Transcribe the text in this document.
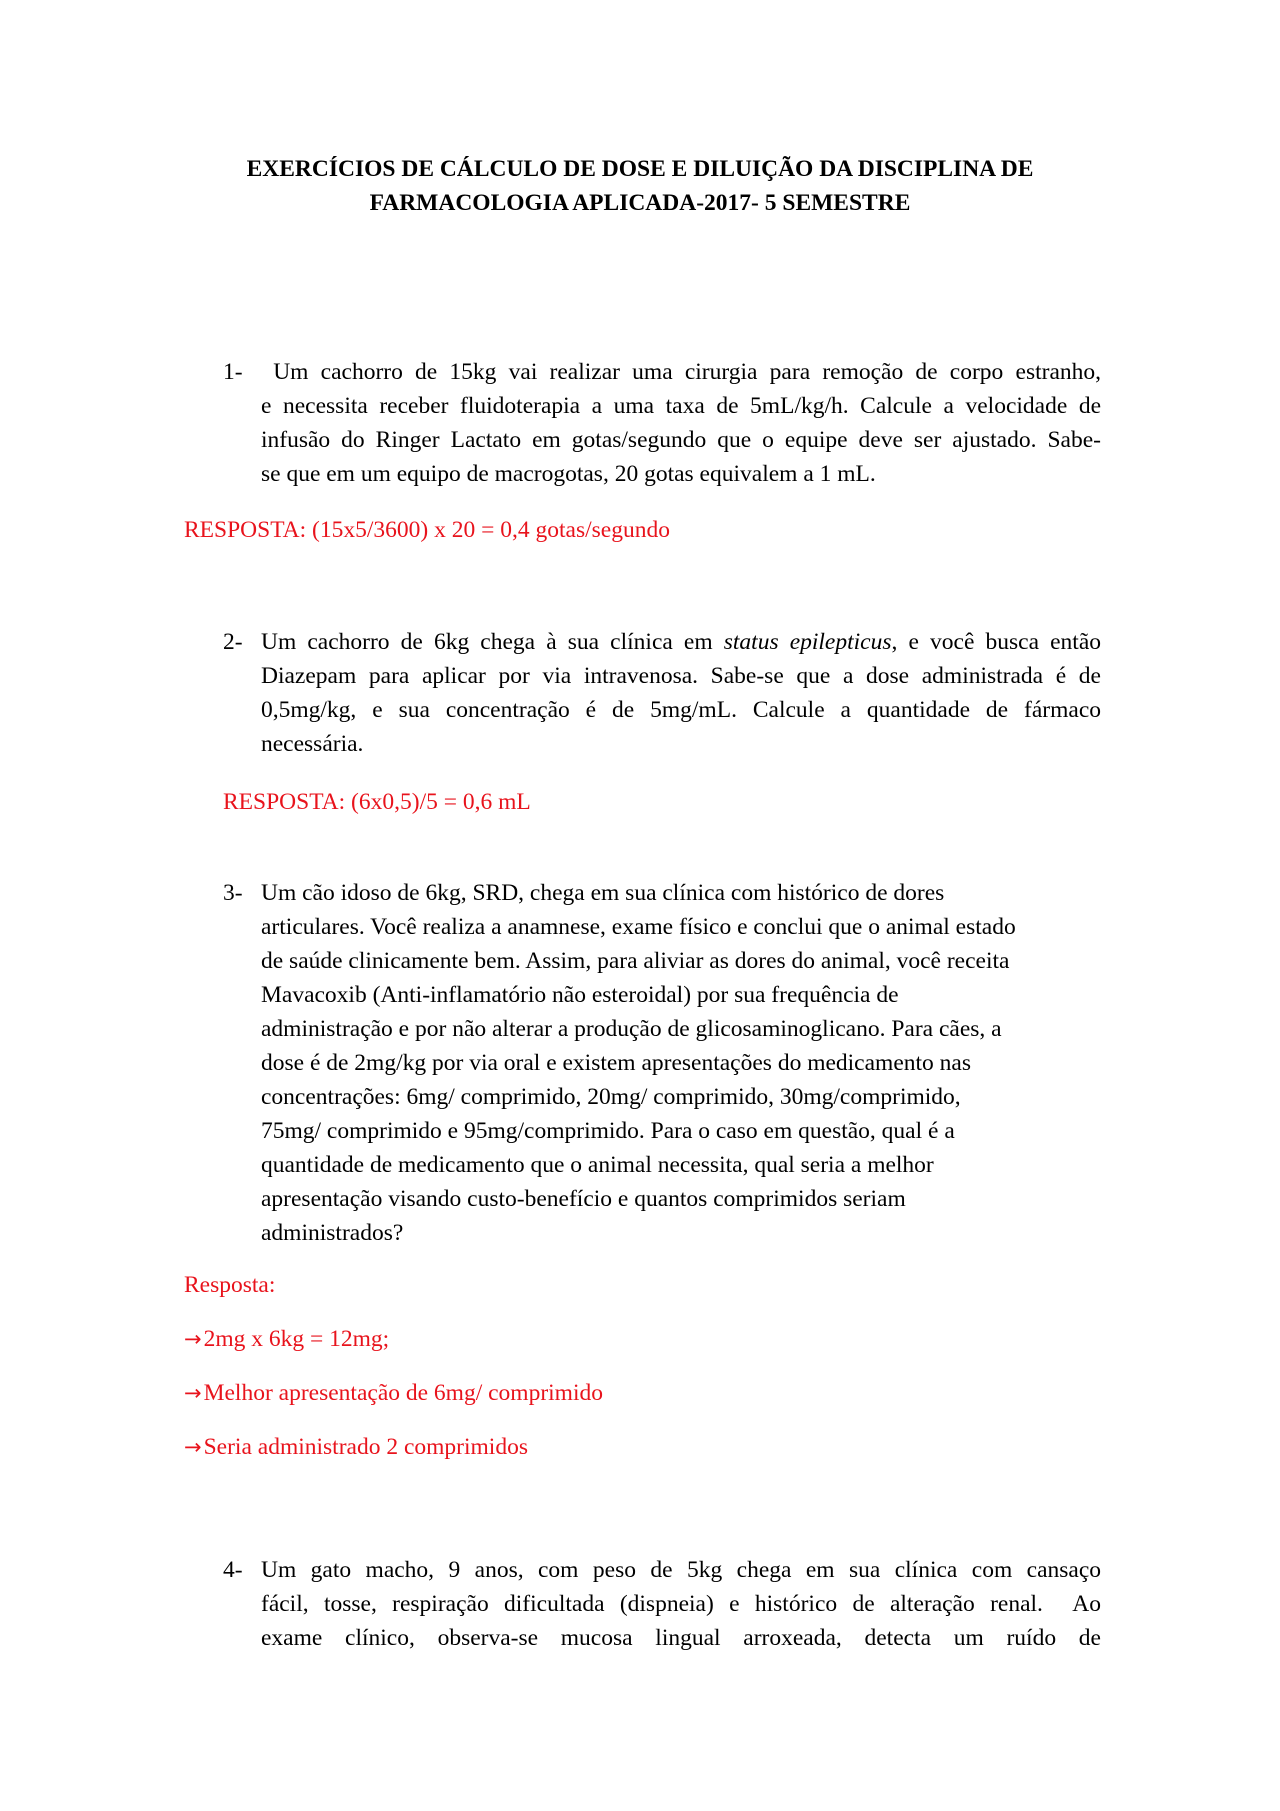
EXERCÍCIOS DE CÁLCULO DE DOSE E DILUIÇÃO DA DISCIPLINA DE
FARMACOLOGIA APLICADA-2017- 5 SEMESTRE
1- Um cachorro de 15kg vai realizar uma cirurgia para remoção de corpo estranho,
e necessita receber fluidoterapia a uma taxa de 5mL/kg/h. Calcule a velocidade de
infusão do Ringer Lactato em gotas/segundo que o equipe deve ser ajustado. Sabe-
se que em um equipo de macrogotas, 20 gotas equivalem a 1 mL.
RESPOSTA: (15x5/3600) x 20 = 0,4 gotas/segundo
2- Um cachorro de 6kg chega à sua clínica em status epilepticus, e você busca então
Diazepam para aplicar por via intravenosa. Sabe-se que a dose administrada é de
0,5mg/kg, e sua concentração é de 5mg/mL. Calcule a quantidade de fármaco
necessária.
RESPOSTA: (6x0,5)/5 = 0,6 mL
3- Um cão idoso de 6kg, SRD, chega em sua clínica com histórico de dores
articulares. Você realiza a anamnese, exame físico e conclui que o animal estado
de saúde clinicamente bem. Assim, para aliviar as dores do animal, você receita
Mavacoxib (Anti-inflamatório não esteroidal) por sua frequência de
administração e por não alterar a produção de glicosaminoglicano. Para cães, a
dose é de 2mg/kg por via oral e existem apresentações do medicamento nas
concentrações: 6mg/ comprimido, 20mg/ comprimido, 30mg/comprimido,
75mg/ comprimido e 95mg/comprimido. Para o caso em questão, qual é a
quantidade de medicamento que o animal necessita, qual seria a melhor
apresentação visando custo-benefício e quantos comprimidos seriam
administrados?
Resposta:
→2mg x 6kg = 12mg;
→Melhor apresentação de 6mg/ comprimido
→Seria administrado 2 comprimidos
4- Um gato macho, 9 anos, com peso de 5kg chega em sua clínica com cansaço
fácil, tosse, respiração dificultada (dispneia) e histórico de alteração renal.  Ao
exame clínico, observa-se mucosa lingual arroxeada, detecta um ruído de
